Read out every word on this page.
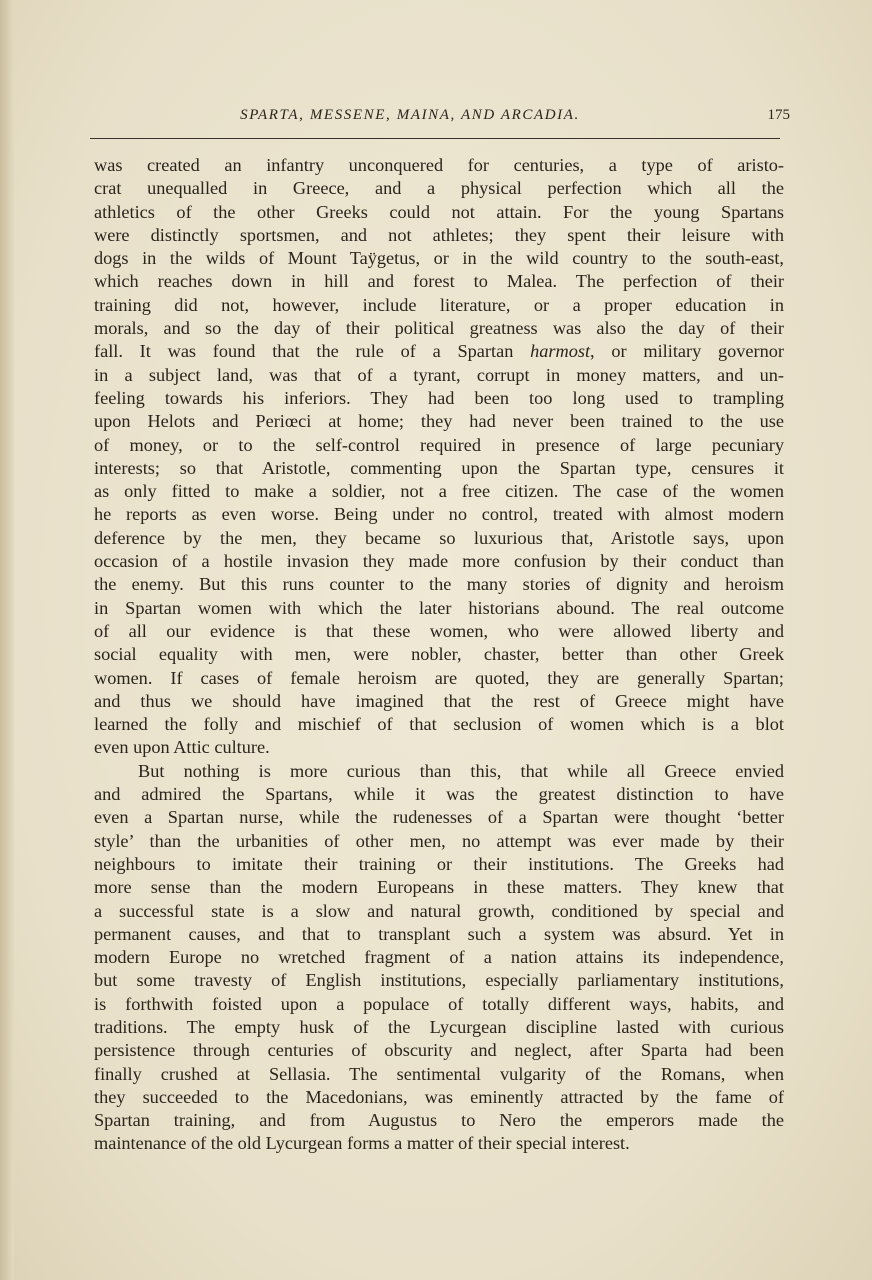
SPARTA, MESSENE, MAINA, AND ARCADIA.	175
was created an infantry unconquered for centuries, a type of aristo-
crat unequalled in Greece, and a physical perfection which all the
athletics of the other Greeks could not attain. For the young Spartans
were distinctly sportsmen, and not athletes; they spent their leisure with
dogs in the wilds of Mount Taÿgetus, or in the wild country to the south-east,
which reaches down in hill and forest to Malea. The perfection of their
training did not, however, include literature, or a proper education in
morals, and so the day of their political greatness was also the day of their
fall. It was found that the rule of a Spartan harmost, or military governor
in a subject land, was that of a tyrant, corrupt in money matters, and un-
feeling towards his inferiors. They had been too long used to trampling
upon Helots and Periœci at home; they had never been trained to the use
of money, or to the self-control required in presence of large pecuniary
interests; so that Aristotle, commenting upon the Spartan type, censures it
as only fitted to make a soldier, not a free citizen. The case of the women
he reports as even worse. Being under no control, treated with almost modern
deference by the men, they became so luxurious that, Aristotle says, upon
occasion of a hostile invasion they made more confusion by their conduct than
the enemy. But this runs counter to the many stories of dignity and heroism
in Spartan women with which the later historians abound. The real outcome
of all our evidence is that these women, who were allowed liberty and
social equality with men, were nobler, chaster, better than other Greek
women. If cases of female heroism are quoted, they are generally Spartan;
and thus we should have imagined that the rest of Greece might have
learned the folly and mischief of that seclusion of women which is a blot
even upon Attic culture.
But nothing is more curious than this, that while all Greece envied
and admired the Spartans, while it was the greatest distinction to have
even a Spartan nurse, while the rudenesses of a Spartan were thought ‘better
style’ than the urbanities of other men, no attempt was ever made by their
neighbours to imitate their training or their institutions. The Greeks had
more sense than the modern Europeans in these matters. They knew that
a successful state is a slow and natural growth, conditioned by special and
permanent causes, and that to transplant such a system was absurd. Yet in
modern Europe no wretched fragment of a nation attains its independence,
but some travesty of English institutions, especially parliamentary institutions,
is forthwith foisted upon a populace of totally different ways, habits, and
traditions. The empty husk of the Lycurgean discipline lasted with curious
persistence through centuries of obscurity and neglect, after Sparta had been
finally crushed at Sellasia. The sentimental vulgarity of the Romans, when
they succeeded to the Macedonians, was eminently attracted by the fame of
Spartan training, and from Augustus to Nero the emperors made the
maintenance of the old Lycurgean forms a matter of their special interest.
